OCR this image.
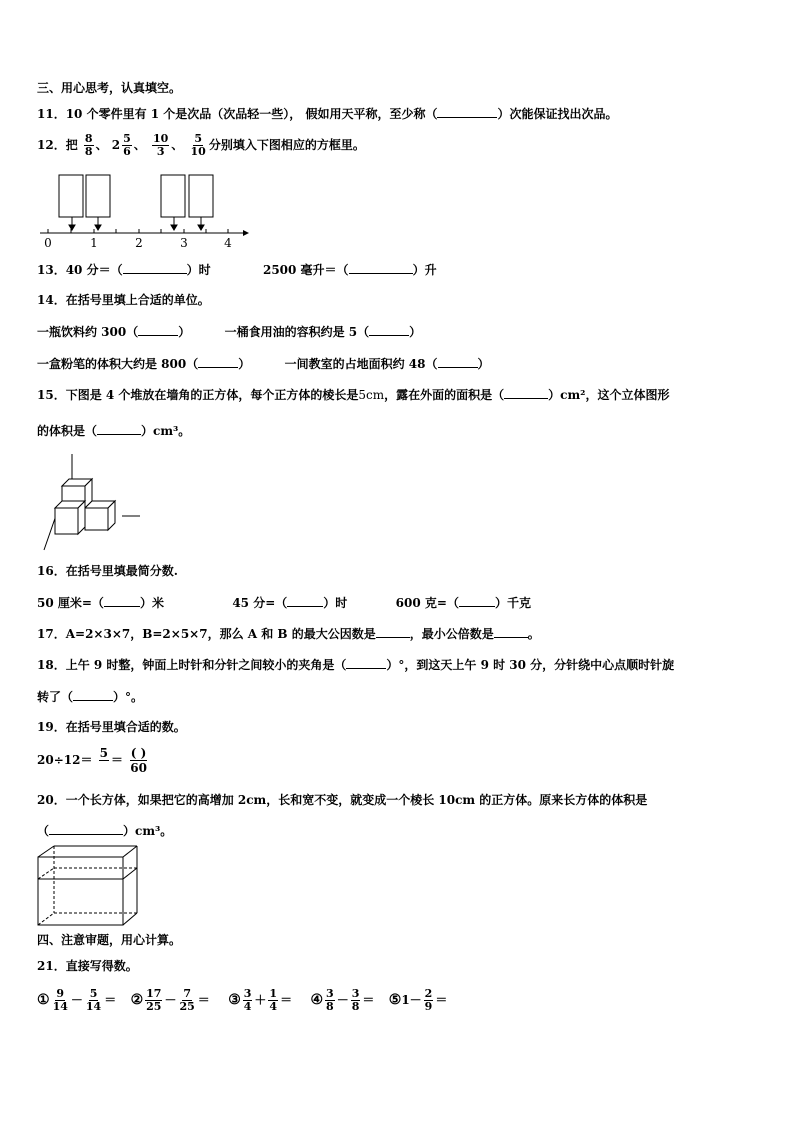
三、用心思考，认真填空。
11．10 个零件里有 1 个是次品（次品轻一些）， 假如用天平称，至少称（	）次能保证找出次品。
12．把 $\frac{8}{8}$ 、 $2 \frac{5}{6}$ 、 $\frac{10}{3}$ 、 $\frac{5}{10}$ 分别填入下图相应的方框里。
0	1	2	3	4
13．40 分＝（	）时	2500 毫升＝（	）升
14．在括号里填上合适的单位。
一瓶饮料约 300（	）	一桶食用油的容积约是 5（	）
一盒粉笔的体积大约是 800（	）	一间教室的占地面积约 48（	）
15．下图是 4 个堆放在墙角的正方体，每个正方体的棱长是5cm，露在外面的面积是（	）cm²，这个立体图形
的体积是（	）cm³。
16．在括号里填最简分数.
50 厘米=（	）米	45 分=（	）时	600 克=（	）千克
17．A=2×3×7，B=2×5×7，那么 A 和 B 的最大公因数是	，最小公倍数是	。
18．上午 9 时整，钟面上时针和分针之间较小的夹角是（	）°，到这天上午 9 时 30 分，分针绕中心点顺时针旋
转了（	）°。
19．在括号里填合适的数。
20÷12＝ 5
＝ $\frac{( )}{60}$
20．一个长方体，如果把它的高增加 2cm，长和宽不变，就变成一个棱长 10cm 的正方体。原来长方体的体积是
（	）cm³。
四、注意审题，用心计算。
21．直接写得数。
① $\frac{9}{14} - \frac{5}{14}$ ＝ ② $\frac{17}{25} - \frac{7}{25}$ ＝ ③ $\frac{3}{4} + \frac{1}{4}$ ＝ ④ $\frac{3}{8} - \frac{3}{8}$ ＝ ⑤1－ $\frac{2}{9}$ ＝
